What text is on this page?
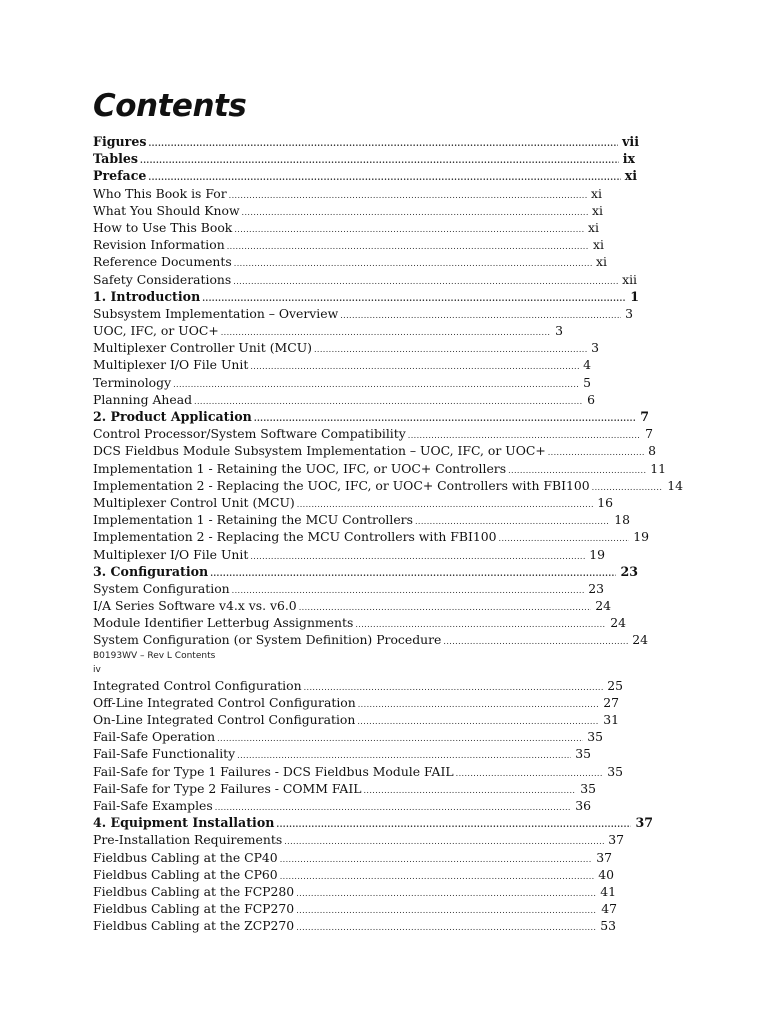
Contents
Figures .....	vii
Tables .....	ix
Preface .....	xi
Who This Book is For .....	xi
What You Should Know .....	xi
How to Use This Book .....	xi
Revision Information .....	xi
Reference Documents .....	xi
Safety Considerations .....	xii
1. Introduction .....	1
Subsystem Implementation – Overview .....	3
UOC, IFC, or UOC+ .....	3
Multiplexer Controller Unit (MCU) .....	3
Multiplexer I/O File Unit .....	4
Terminology .....	5
Planning Ahead .....	6
2. Product Application .....	7
Control Processor/System Software Compatibility .....	7
DCS Fieldbus Module Subsystem Implementation – UOC, IFC, or UOC+ .....	8
Implementation 1 - Retaining the UOC, IFC, or UOC+ Controllers .....	11
Implementation 2 - Replacing the UOC, IFC, or UOC+ Controllers with FBI100 .....	14
Multiplexer Control Unit (MCU) .....	16
Implementation 1 - Retaining the MCU Controllers .....	18
Implementation 2 - Replacing the MCU Controllers with FBI100 .....	19
Multiplexer I/O File Unit .....	19
3. Configuration .....	23
System Configuration .....	23
I/A Series Software v4.x vs. v6.0 .....	24
Module Identifier Letterbug Assignments .....	24
System Configuration (or System Definition) Procedure .....	24
B0193WV – Rev L Contents
iv
Integrated Control Configuration .....	25
Off-Line Integrated Control Configuration .....	27
On-Line Integrated Control Configuration .....	31
Fail-Safe Operation .....	35
Fail-Safe Functionality .....	35
Fail-Safe for Type 1 Failures - DCS Fieldbus Module FAIL .....	35
Fail-Safe for Type 2 Failures - COMM FAIL .....	35
Fail-Safe Examples .....	36
4. Equipment Installation .....	37
Pre-Installation Requirements .....	37
Fieldbus Cabling at the CP40 .....	37
Fieldbus Cabling at the CP60 .....	40
Fieldbus Cabling at the FCP280 .....	41
Fieldbus Cabling at the FCP270 .....	47
Fieldbus Cabling at the ZCP270 .....	53
